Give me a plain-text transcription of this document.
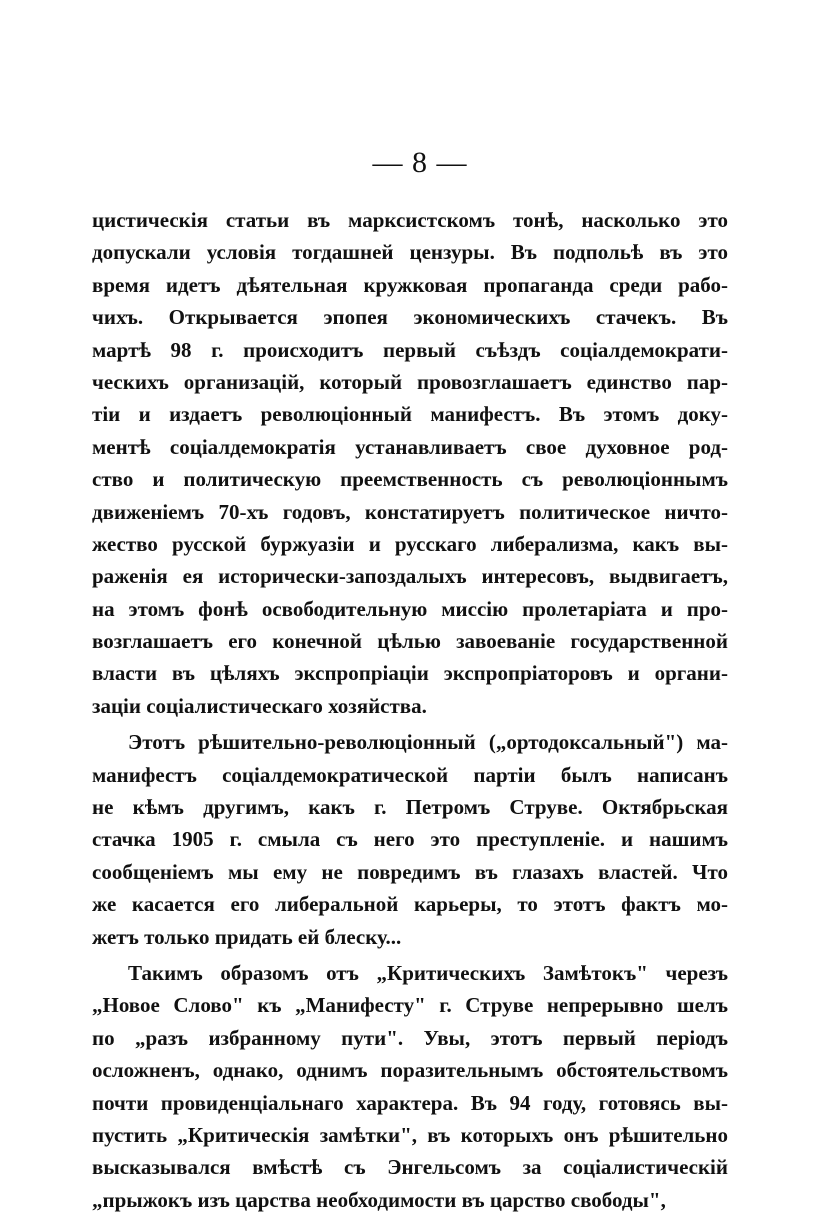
— 8 —
цистическія статьи въ марксистскомъ тонѣ, насколько это
допускали условія тогдашней цензуры. Въ подпольѣ въ это
время идетъ дѣятельная кружковая пропаганда среди рабо-
чихъ. Открывается эпопея экономическихъ стачекъ. Въ
мартѣ 98 г. происходитъ первый съѣздъ соціалдемократи-
ческихъ организацій, который провозглашаетъ единство пар-
тіи и издаетъ революціонный манифестъ. Въ этомъ доку-
ментѣ соціалдемократія устанавливаетъ свое духовное род-
ство и политическую преемственность съ революціоннымъ
движеніемъ 70-хъ годовъ, констатируетъ политическое ничто-
жество русской буржуазіи и русскаго либерализма, какъ вы-
раженія ея исторически-запоздалыхъ интересовъ, выдвигаетъ,
на этомъ фонѣ освободительную миссію пролетаріата и про-
возглашаетъ его конечной цѣлью завоеваніе государственной
власти въ цѣляхъ экспропріаціи экспропріаторовъ и органи-
заціи соціалистическаго хозяйства.
Этотъ рѣшительно-революціонный („ортодоксальный") ма-
манифестъ соціалдемократической партіи былъ написанъ
не кѣмъ другимъ, какъ г. Петромъ Струве. Октябрьская
стачка 1905 г. смыла съ него это преступленіе. и нашимъ
сообщеніемъ мы ему не повредимъ въ глазахъ властей. Что
же касается его либеральной карьеры, то этотъ фактъ мо-
жетъ только придать ей блеску...
Такимъ образомъ отъ „Критическихъ Замѣтокъ" черезъ
„Новое Слово" къ „Манифесту" г. Струве непрерывно шелъ
по „разъ избранному пути". Увы, этотъ первый періодъ
осложненъ, однако, однимъ поразительнымъ обстоятельствомъ
почти провиденціальнаго характера. Въ 94 году, готовясь вы-
пустить „Критическія замѣтки", въ которыхъ онъ рѣшительно
высказывался вмѣстѣ съ Энгельсомъ за соціалистическій
„прыжокъ изъ царства необходимости въ царство свободы",
